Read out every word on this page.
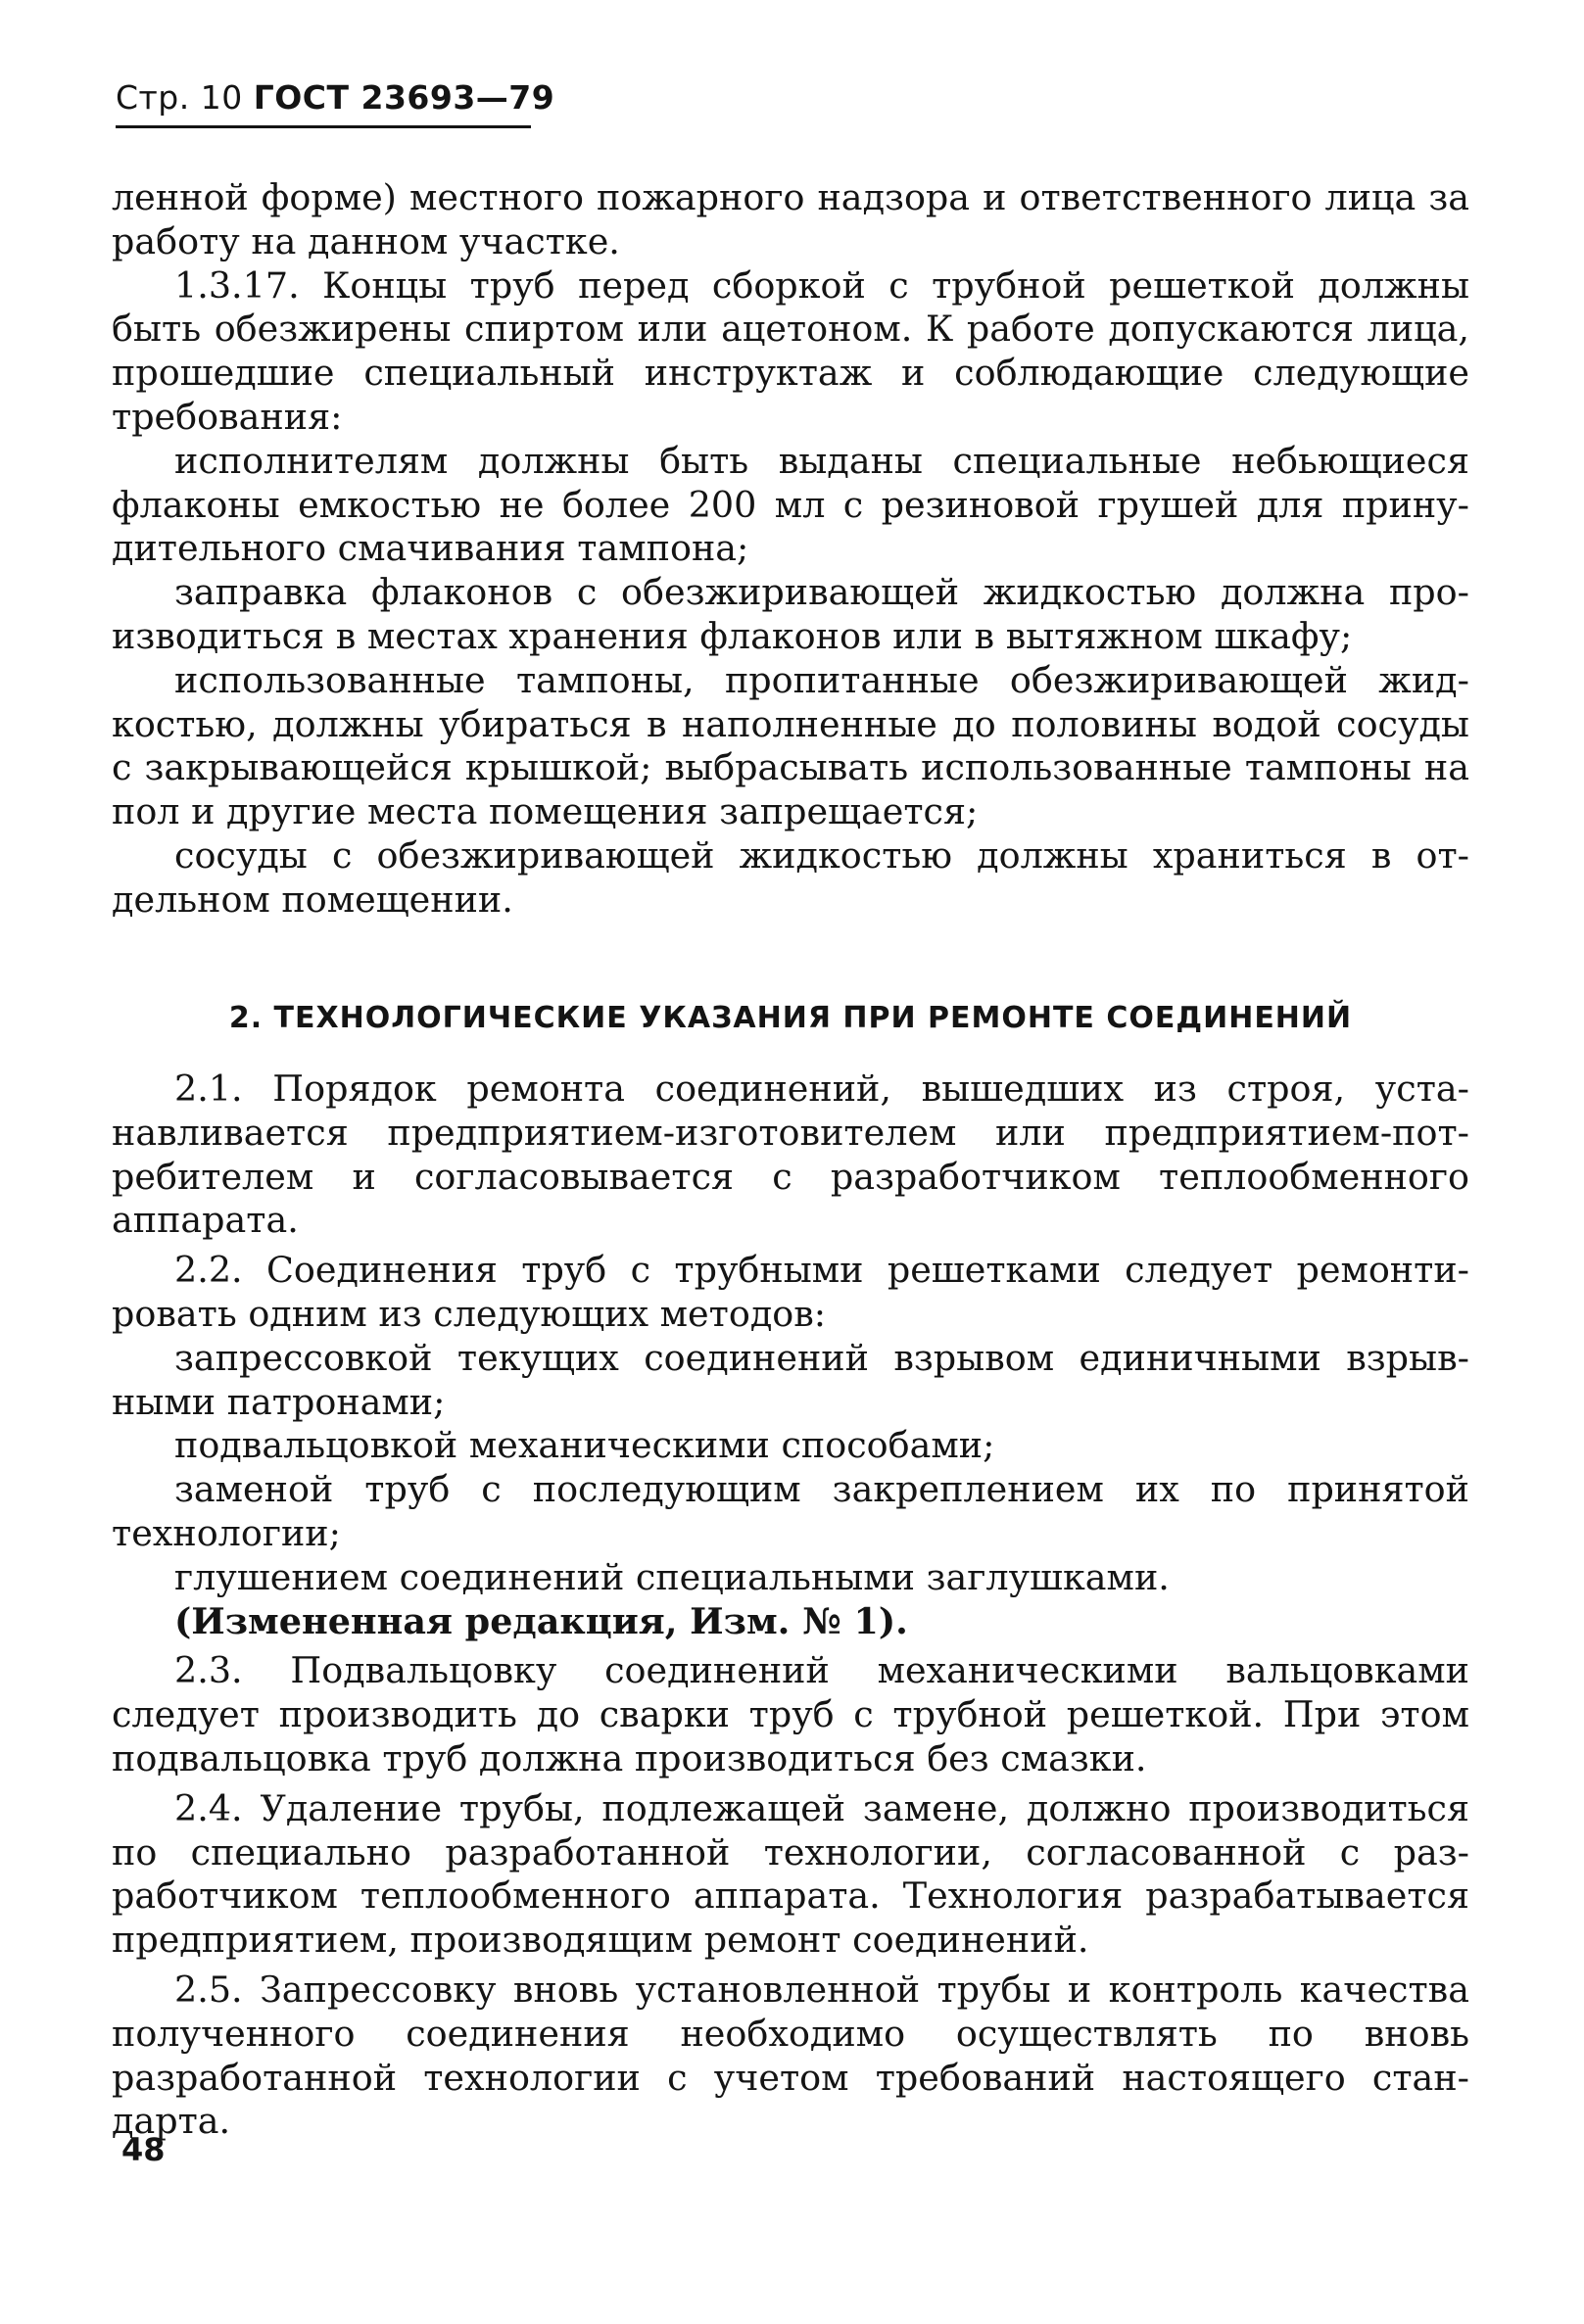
Стр. 10 ГОСТ 23693—79

ленной форме) местного пожарного надзора и ответственного лица за работу на данном участке.

1.3.17. Концы труб перед сборкой с трубной решеткой должны быть обезжирены спиртом или ацетоном. К работе допускаются лица, прошедшие специальный инструктаж и соблюдающие следующие требования:

исполнителям должны быть выданы специальные небьющиеся флаконы емкостью не более 200 мл с резиновой грушей для принудительного смачивания тампона;

заправка флаконов с обезжиривающей жидкостью должна производиться в местах хранения флаконов или в вытяжном шкафу;

использованные тампоны, пропитанные обезжиривающей жидкостью, должны убираться в наполненные до половины водой сосуды с закрывающейся крышкой; выбрасывать использованные тампоны на пол и другие места помещения запрещается;

сосуды с обезжиривающей жидкостью должны храниться в отдельном помещении.

2. ТЕХНОЛОГИЧЕСКИЕ УКАЗАНИЯ ПРИ РЕМОНТЕ СОЕДИНЕНИЙ

2.1. Порядок ремонта соединений, вышедших из строя, устанавливается предприятием-изготовителем или предприятием-потребителем и согласовывается с разработчиком теплообменного аппарата.

2.2. Соединения труб с трубными решетками следует ремонтировать одним из следующих методов:

запрессовкой текущих соединений взрывом единичными взрывными патронами;

подвальцовкой механическими способами;

заменой труб с последующим закреплением их по принятой технологии;

глушением соединений специальными заглушками.

(Измененная редакция, Изм. № 1).

2.3. Подвальцовку соединений механическими вальцовками следует производить до сварки труб с трубной решеткой. При этом подвальцовка труб должна производиться без смазки.

2.4. Удаление трубы, подлежащей замене, должно производиться по специально разработанной технологии, согласованной с разработчиком теплообменного аппарата. Технология разрабатывается предприятием, производящим ремонт соединений.

2.5. Запрессовку вновь установленной трубы и контроль качества полученного соединения необходимо осуществлять по вновь разработанной технологии с учетом требований настоящего стандарта.

48
